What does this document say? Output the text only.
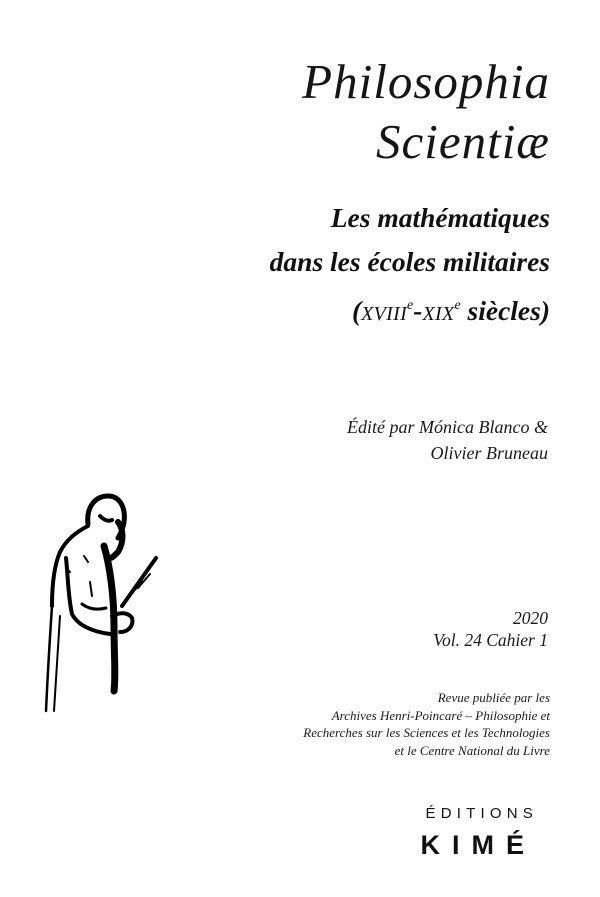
Philosophia Scientiæ
Les mathématiques
dans les écoles militaires
(XVIIIe-XIXe siècles)
Édité par Mónica Blanco &
Olivier Bruneau
2020
Vol. 24 Cahier 1
Revue publiée par les
Archives Henri-Poincaré – Philosophie et
Recherches sur les Sciences et les Technologies
et le Centre National du Livre
ÉDITIONS
KIMÉ
